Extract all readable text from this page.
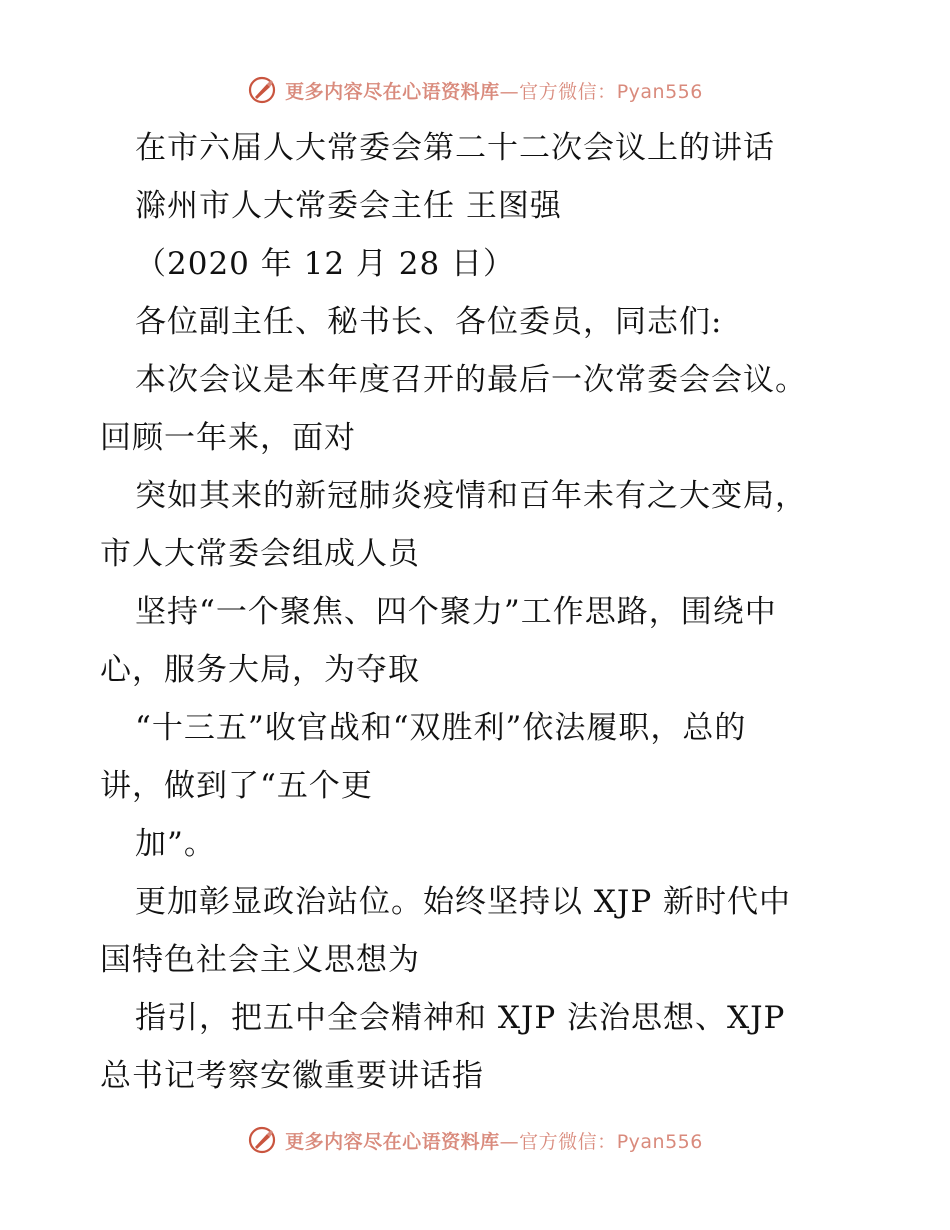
更多内容尽在心语资料库—官方微信：Pyan556
在市六届人大常委会第二十二次会议上的讲话
滁州市人大常委会主任 王图强
（2020 年 12 月 28 日）
各位副主任、秘书长、各位委员，同志们:
本次会议是本年度召开的最后一次常委会会议。
回顾一年来，面对
突如其来的新冠肺炎疫情和百年未有之大变局，
市人大常委会组成人员
坚持“一个聚焦、四个聚力”工作思路，围绕中
心，服务大局，为夺取
“十三五”收官战和“双胜利”依法履职，总的
讲，做到了“五个更
加”。
更加彰显政治站位。始终坚持以 XJP 新时代中
国特色社会主义思想为
指引，把五中全会精神和 XJP 法治思想、XJP
总书记考察安徽重要讲话指
更多内容尽在心语资料库—官方微信：Pyan556
